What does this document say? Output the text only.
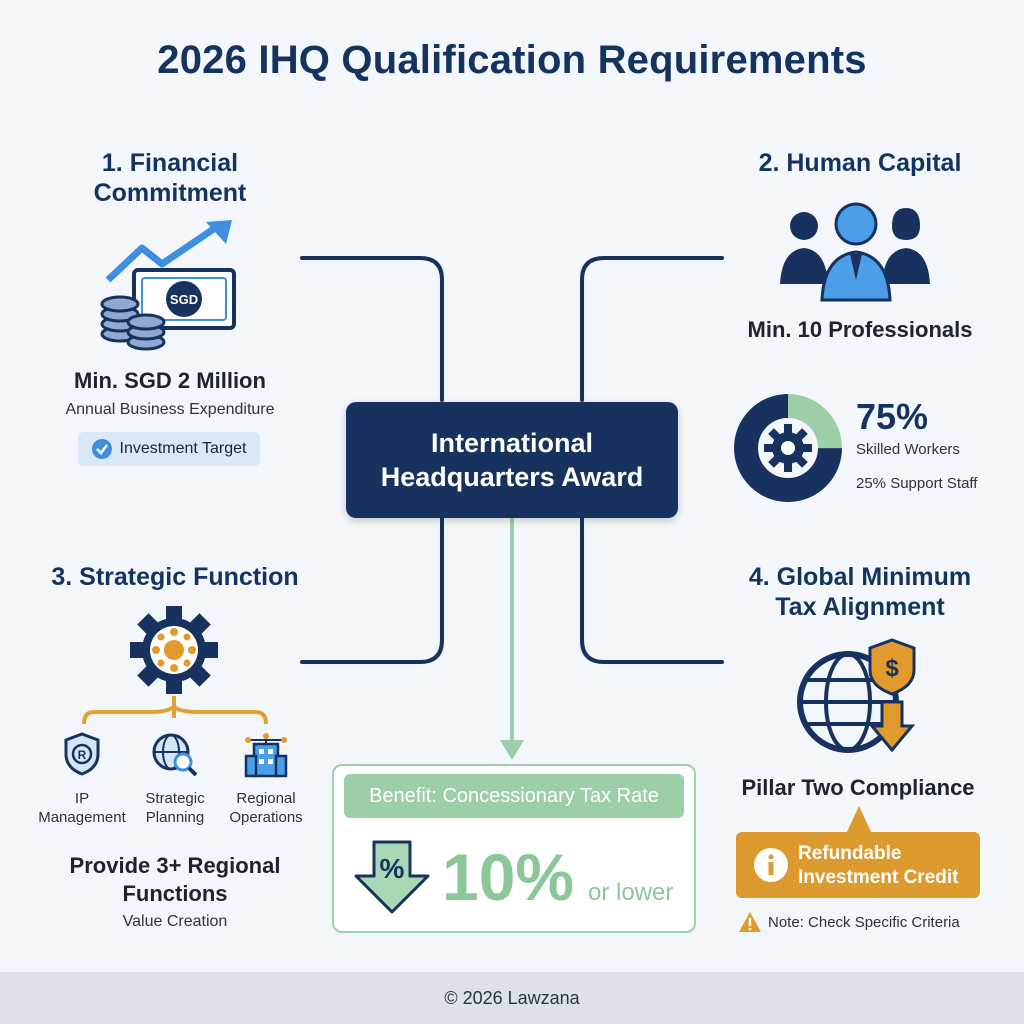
2026 IHQ Qualification Requirements
International
Headquarters Award
1. Financial
Commitment
SGD
Min. SGD 2 Million
Annual Business Expenditure
Investment Target
2. Human Capital
Min. 10 Professionals
75%
Skilled Workers
25% Support Staff
3. Strategic Function
R
IP
Management
Strategic
Planning
Regional
Operations
Provide 3+ Regional
Functions
Value Creation
4. Global Minimum
Tax Alignment
$
Pillar Two Compliance
Refundable
Investment Credit
Note: Check Specific Criteria
Benefit: Concessionary Tax Rate
% 10% or lower
© 2026 Lawzana
